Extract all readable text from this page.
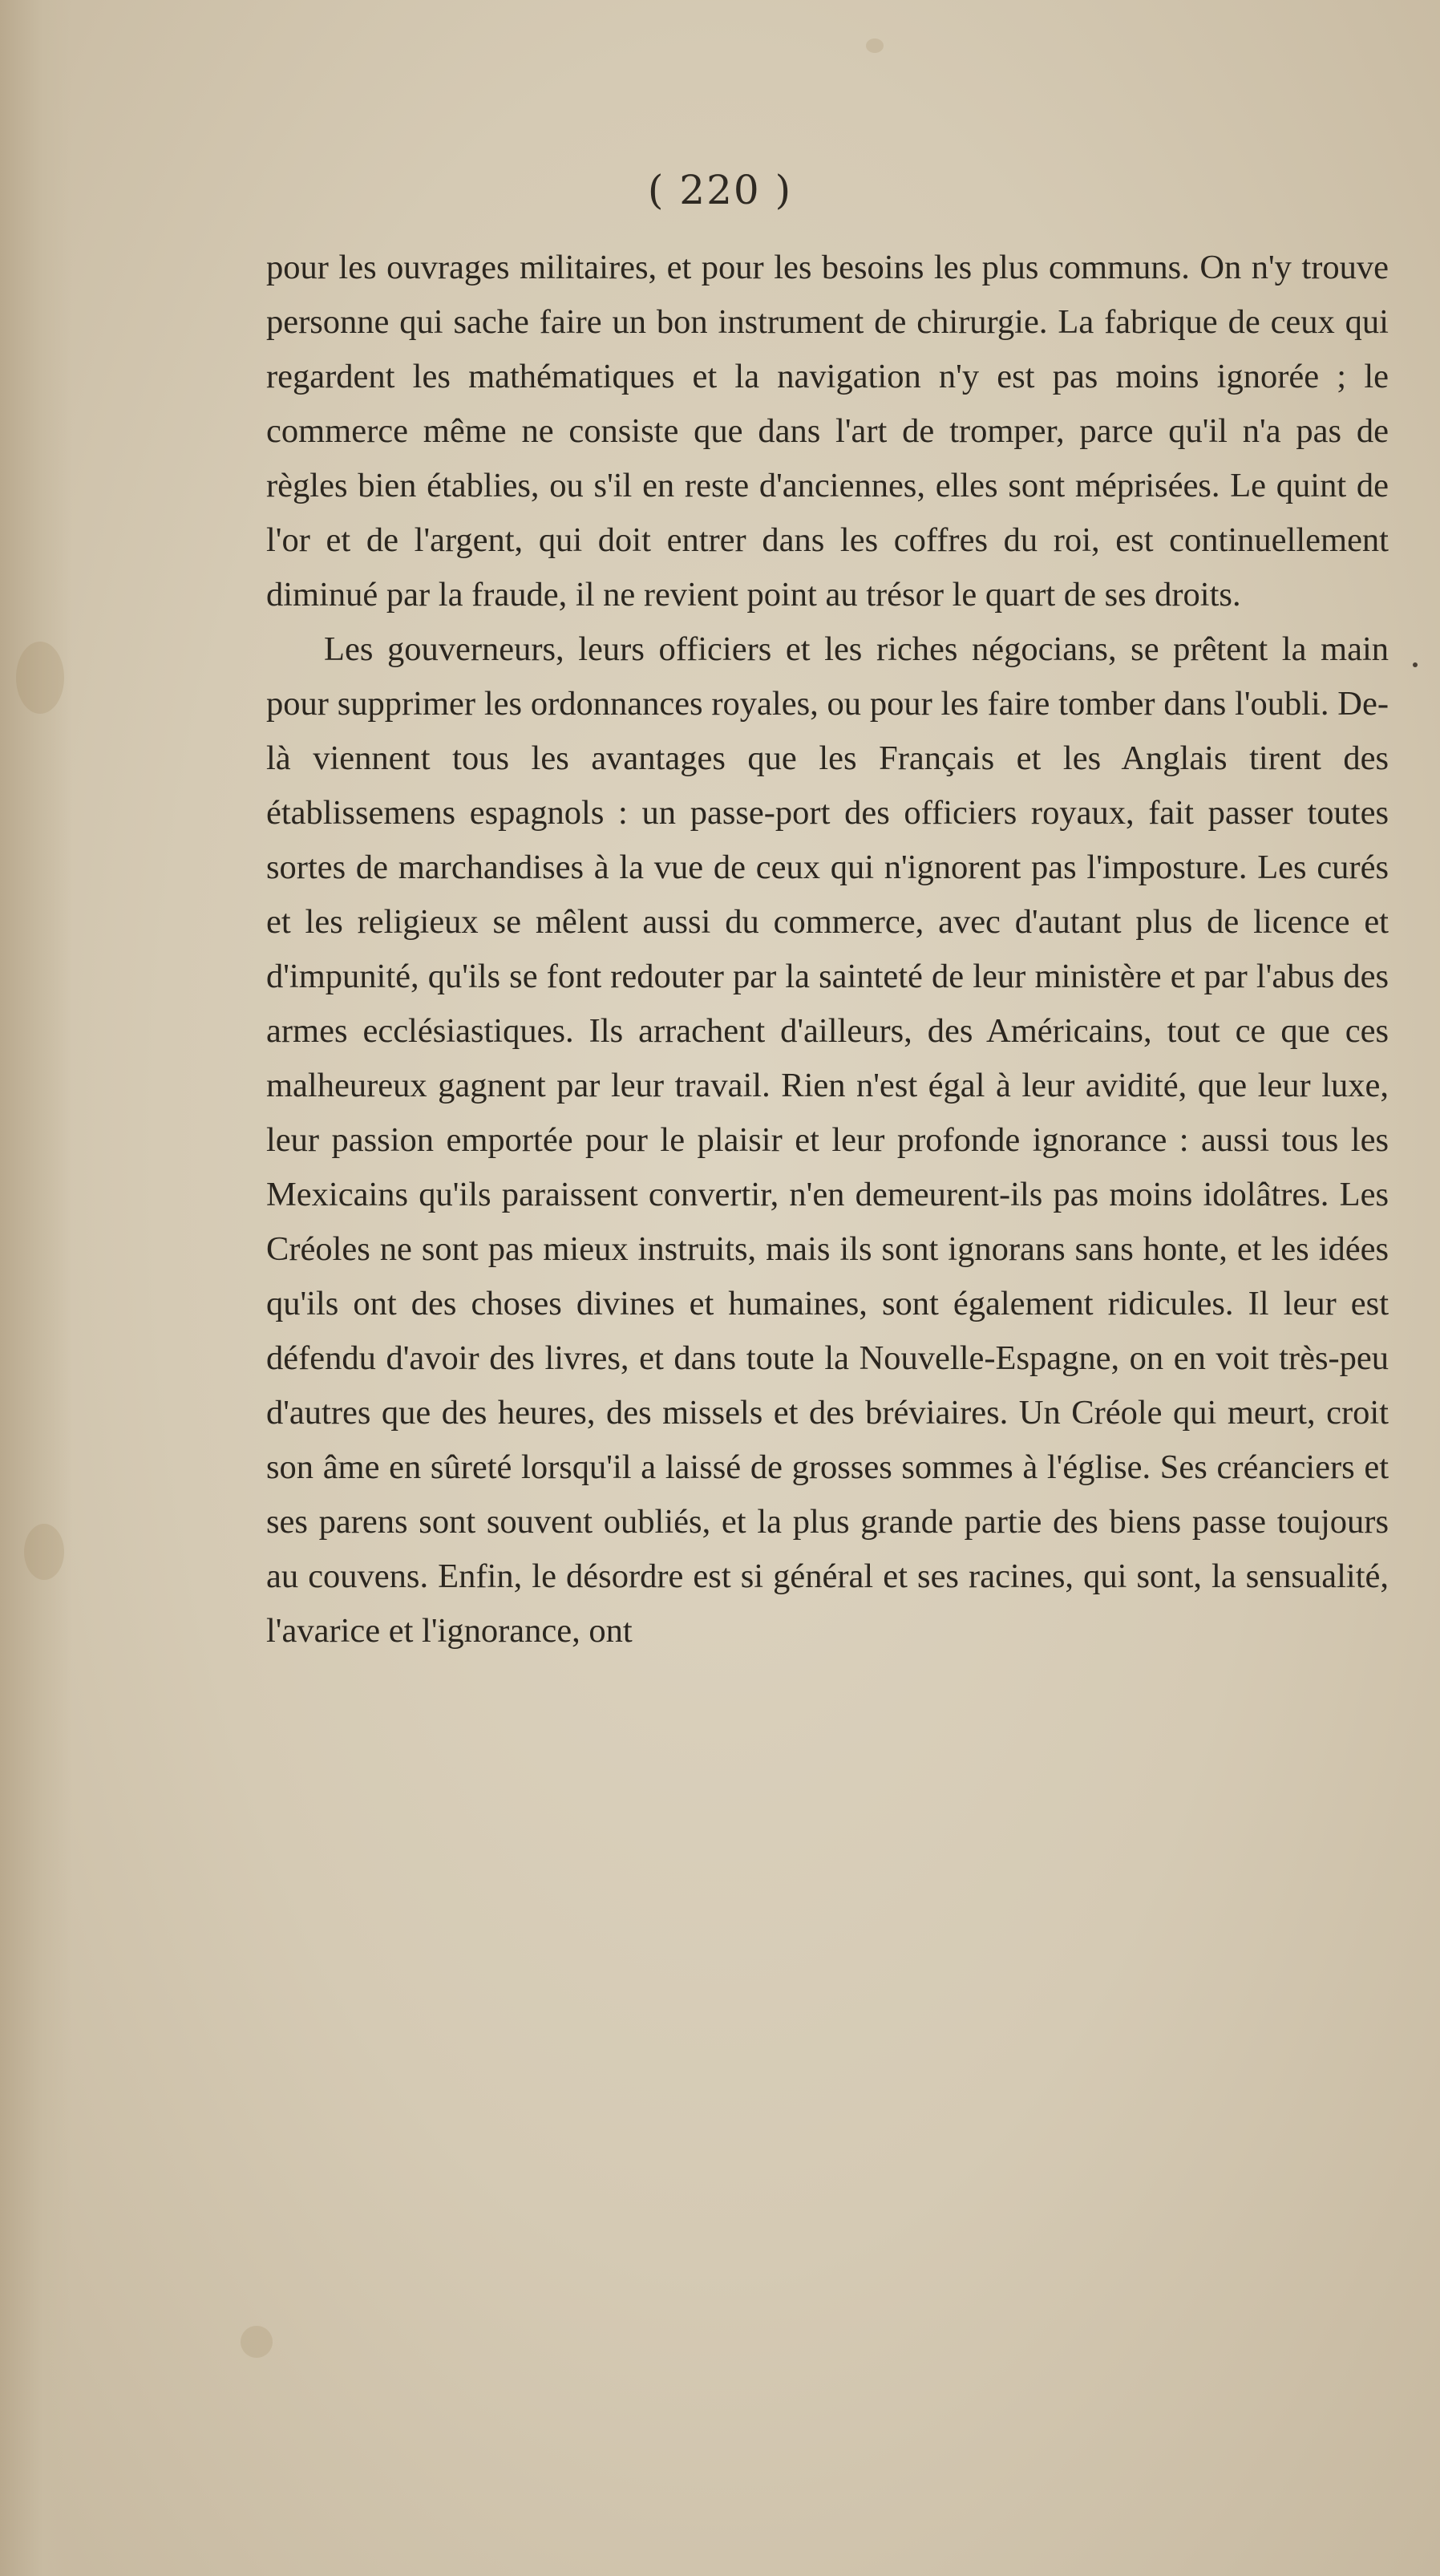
( 220 )

pour les ouvrages militaires, et pour les besoins les plus communs. On n'y trouve personne qui sache faire un bon instrument de chirurgie. La fabrique de ceux qui regardent les mathématiques et la navigation n'y est pas moins ignorée ; le commerce même ne consiste que dans l'art de tromper, parce qu'il n'a pas de règles bien établies, ou s'il en reste d'anciennes, elles sont méprisées. Le quint de l'or et de l'argent, qui doit entrer dans les coffres du roi, est continuellement diminué par la fraude, il ne revient point au trésor le quart de ses droits.

Les gouverneurs, leurs officiers et les riches négocians, se prêtent la main pour supprimer les ordonnances royales, ou pour les faire tomber dans l'oubli. De-là viennent tous les avantages que les Français et les Anglais tirent des établissemens espagnols : un passe-port des officiers royaux, fait passer toutes sortes de marchandises à la vue de ceux qui n'ignorent pas l'imposture. Les curés et les religieux se mêlent aussi du commerce, avec d'autant plus de licence et d'impunité, qu'ils se font redouter par la sainteté de leur ministère et par l'abus des armes ecclésiastiques. Ils arrachent d'ailleurs, des Américains, tout ce que ces malheureux gagnent par leur travail. Rien n'est égal à leur avidité, que leur luxe, leur passion emportée pour le plaisir et leur profonde ignorance : aussi tous les Mexicains qu'ils paraissent convertir, n'en demeurent-ils pas moins idolâtres. Les Créoles ne sont pas mieux instruits, mais ils sont ignorans sans honte, et les idées qu'ils ont des choses divines et humaines, sont également ridicules. Il leur est défendu d'avoir des livres, et dans toute la Nouvelle-Espagne, on en voit très-peu d'autres que des heures, des missels et des bréviaires. Un Créole qui meurt, croit son âme en sûreté lorsqu'il a laissé de grosses sommes à l'église. Ses créanciers et ses parens sont souvent oubliés, et la plus grande partie des biens passe toujours au couvens. Enfin, le désordre est si général et ses racines, qui sont, la sensualité, l'avarice et l'ignorance, ont
